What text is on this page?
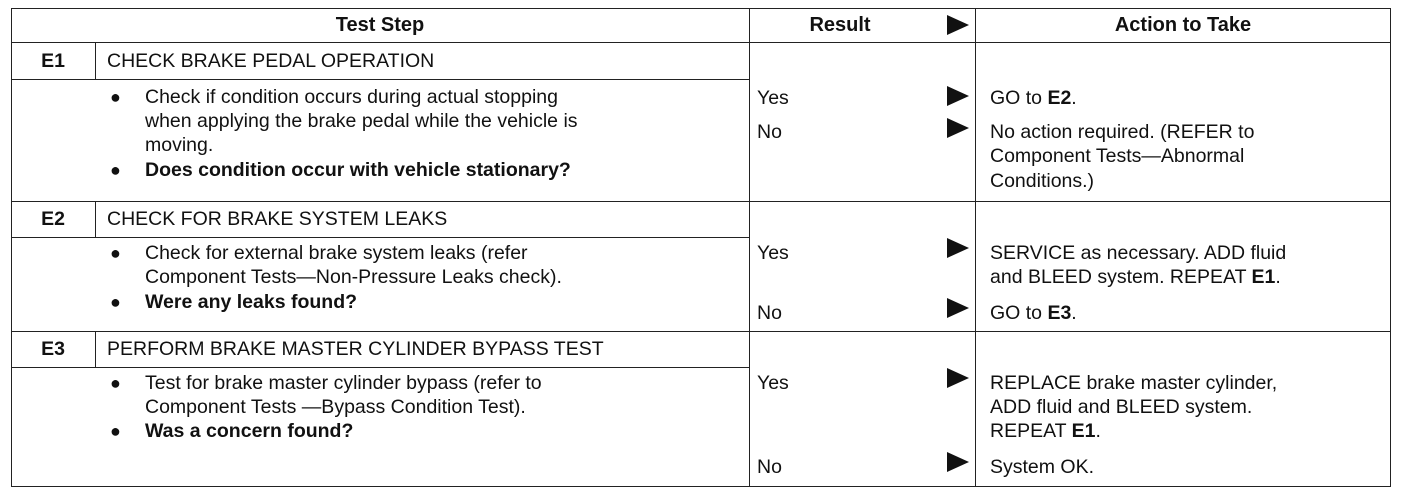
Test Step	Result	Action to Take
E1	CHECK BRAKE PEDAL OPERATION
● Check if condition occurs during actual stopping
when applying the brake pedal while the vehicle is
moving.
● Does condition occur with vehicle stationary?
Yes	GO to E2.
No	No action required. (REFER to
Component Tests—Abnormal
Conditions.)
E2	CHECK FOR BRAKE SYSTEM LEAKS
● Check for external brake system leaks (refer
Component Tests—Non-Pressure Leaks check).
● Were any leaks found?
Yes	SERVICE as necessary. ADD fluid
and BLEED system. REPEAT E1.
No	GO to E3.
E3	PERFORM BRAKE MASTER CYLINDER BYPASS TEST
● Test for brake master cylinder bypass (refer to
Component Tests —Bypass Condition Test).
● Was a concern found?
Yes	REPLACE brake master cylinder,
ADD fluid and BLEED system.
REPEAT E1.
No	System OK.
